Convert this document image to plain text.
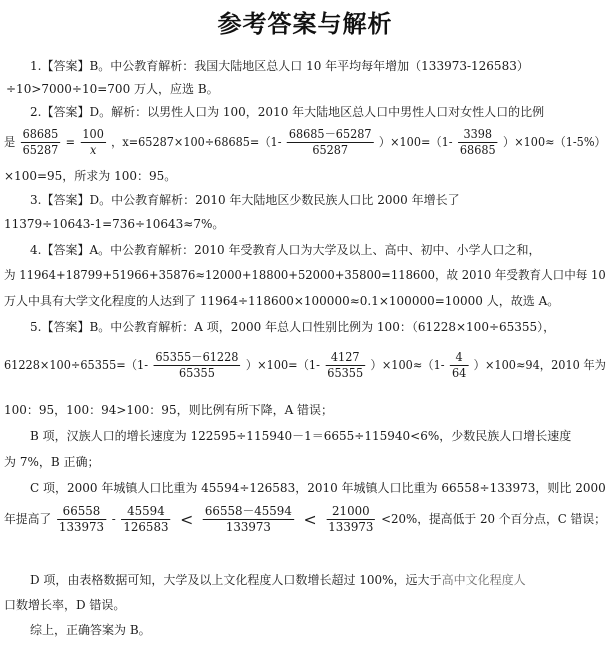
参考答案与解析
1.【答案】B。中公教育解析：我国大陆地区总人口 10 年平均每年增加（133973-126583）
÷10>7000÷10=700 万人，应选 B。
2.【答案】D。解析：以男性人口为 100，2010 年大陆地区总人口中男性人口对女性人口的比例
是 $\frac{68685}{65287} = \frac{100}{x}$ ，$x=65287\times 100\div 68685=(1- \frac{68685-65287}{65287} )\times 100=(1- \frac{3398}{68685} )\times 100\approx(1-5\%)$
×100=95，所求为 100：95。
3.【答案】D。中公教育解析：2010 年大陆地区少数民族人口比 2000 年增长了
11379÷10643-1=736÷10643≈7%。
4.【答案】A。中公教育解析：2010 年受教育人口为大学及以上、高中、初中、小学人口之和，
为 11964+18799+51966+35876≈12000+18800+52000+35800=118600，故 2010 年受教育人口中每 10
万人中具有大学文化程度的人达到了 11964÷118600×100000≈0.1×100000=10000 人，故选 A。
5.【答案】B。中公教育解析：A 项，2000 年总人口性别比例为 100：（61228×100÷65355），
$61228\times 100\div 65355=(1- \frac{65355-61228}{65355} )\times 100=(1- \frac{4127}{65355} )\times 100\approx(1- \frac{4}{64} )\times 100\approx 94$，2010 年为
100：95，100：94>100：95，则比例有所下降，A 错误；
B 项，汉族人口的增长速度为 122595÷115940－1＝6655÷115940<6%，少数民族人口增长速度
为 7%，B 正确；
C 项，2000 年城镇人口比重为 45594÷126583，2010 年城镇人口比重为 66558÷133973，则比 2000
年提高了 $\frac{66558}{133973} - \frac{45594}{126583} < \frac{66558-45594}{133973} < \frac{21000}{133973} <20\%$，提高低于 20 个百分点，C 错误；
D 项，由表格数据可知，大学及以上文化程度人口数增长超过 100%，远大于高中文化程度人
口数增长率，D 错误。
综上，正确答案为 B。
